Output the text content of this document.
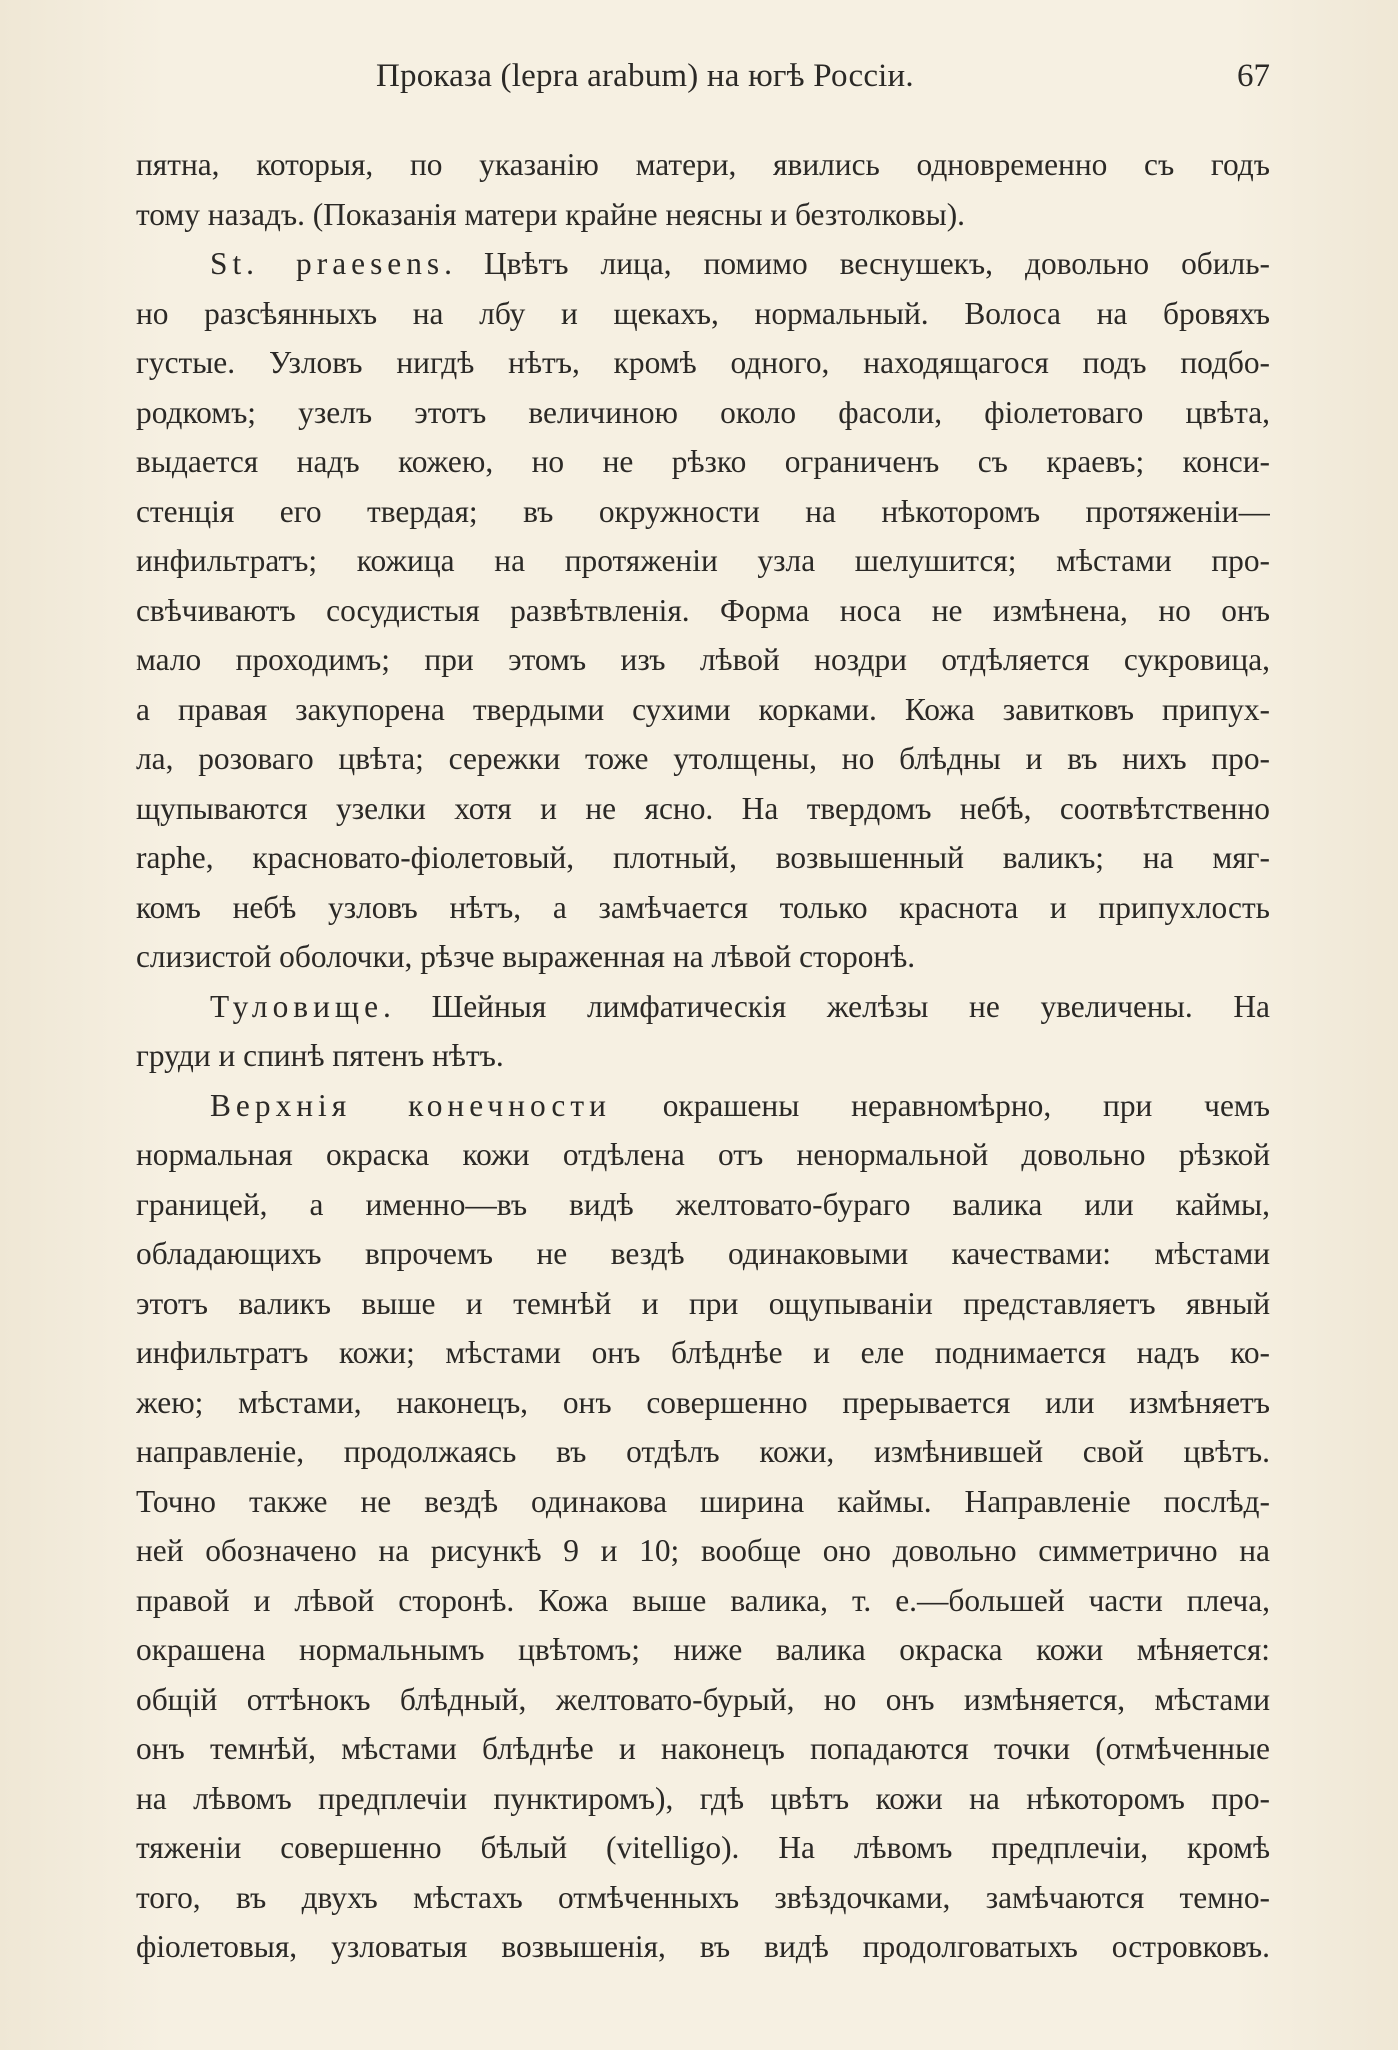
Проказа (lepra arabum) на югѣ Россіи.	67
пятна, которыя, по указанію матери, явились одновременно съ годъ
тому назадъ. (Показанія матери крайне неясны и безтолковы).
St. praesens. Цвѣтъ лица, помимо веснушекъ, довольно обиль-
но разсѣянныхъ на лбу и щекахъ, нормальный. Волоса на бровяхъ
густые. Узловъ нигдѣ нѣтъ, кромѣ одного, находящагося подъ подбо-
родкомъ; узелъ этотъ величиною около фасоли, фіолетоваго цвѣта,
выдается надъ кожею, но не рѣзко ограниченъ съ краевъ; конси-
стенція его твердая; въ окружности на нѣкоторомъ протяженіи—
инфильтратъ; кожица на протяженіи узла шелушится; мѣстами про-
свѣчиваютъ сосудистыя развѣтвленія. Форма носа не измѣнена, но онъ
мало проходимъ; при этомъ изъ лѣвой ноздри отдѣляется сукровица,
а правая закупорена твердыми сухими корками. Кожа завитковъ припух-
ла, розоваго цвѣта; сережки тоже утолщены, но блѣдны и въ нихъ про-
щупываются узелки хотя и не ясно. На твердомъ небѣ, соотвѣтственно
raphe, красновато-фіолетовый, плотный, возвышенный валикъ; на мяг-
комъ небѣ узловъ нѣтъ, а замѣчается только краснота и припухлость
слизистой оболочки, рѣзче выраженная на лѣвой сторонѣ.
Туловище. Шейныя лимфатическія желѣзы не увеличены. На
груди и спинѣ пятенъ нѣтъ.
Верхнія конечности окрашены неравномѣрно, при чемъ
нормальная окраска кожи отдѣлена отъ ненормальной довольно рѣзкой
границей, а именно—въ видѣ желтовато-бураго валика или каймы,
обладающихъ впрочемъ не вездѣ одинаковыми качествами: мѣстами
этотъ валикъ выше и темнѣй и при ощупываніи представляетъ явный
инфильтратъ кожи; мѣстами онъ блѣднѣе и еле поднимается надъ ко-
жею; мѣстами, наконецъ, онъ совершенно прерывается или измѣняетъ
направленіе, продолжаясь въ отдѣлъ кожи, измѣнившей свой цвѣтъ.
Точно также не вездѣ одинакова ширина каймы. Направленіе послѣд-
ней обозначено на рисункѣ 9 и 10; вообще оно довольно симметрично на
правой и лѣвой сторонѣ. Кожа выше валика, т. е.—большей части плеча,
окрашена нормальнымъ цвѣтомъ; ниже валика окраска кожи мѣняется:
общій оттѣнокъ блѣдный, желтовато-бурый, но онъ измѣняется, мѣстами
онъ темнѣй, мѣстами блѣднѣе и наконецъ попадаются точки (отмѣченные
на лѣвомъ предплечіи пунктиромъ), гдѣ цвѣтъ кожи на нѣкоторомъ про-
тяженіи совершенно бѣлый (vitelligo). На лѣвомъ предплечіи, кромѣ
того, въ двухъ мѣстахъ отмѣченныхъ звѣздочками, замѣчаются темно-
фіолетовыя, узловатыя возвышенія, въ видѣ продолговатыхъ островковъ.
